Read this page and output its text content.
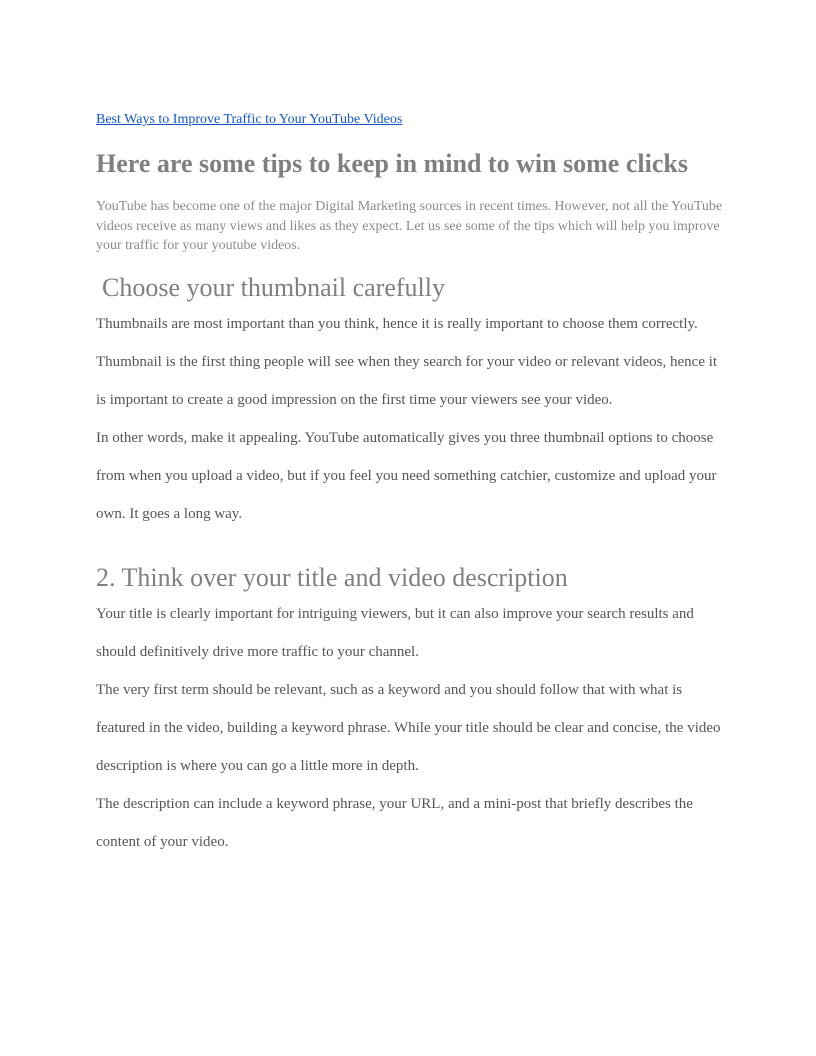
Best Ways to Improve Traffic to Your YouTube Videos
Here are some tips to keep in mind to win some clicks

YouTube has become one of the major Digital Marketing sources in recent times. However, not all the YouTube videos receive as many views and likes as they expect. Let us see some of the tips which will help you improve your traffic for your youtube videos.

Choose your thumbnail carefully

Thumbnails are most important than you think, hence it is really important to choose them correctly. Thumbnail is the first thing people will see when they search for your video or relevant videos, hence it is important to create a good impression on the first time your viewers see your video.

In other words, make it appealing. YouTube automatically gives you three thumbnail options to choose from when you upload a video, but if you feel you need something catchier, customize and upload your own. It goes a long way.

2. Think over your title and video description

Your title is clearly important for intriguing viewers, but it can also improve your search results and should definitively drive more traffic to your channel.

The very first term should be relevant, such as a keyword and you should follow that with what is featured in the video, building a keyword phrase. While your title should be clear and concise, the video description is where you can go a little more in depth.

The description can include a keyword phrase, your URL, and a mini-post that briefly describes the content of your video.
